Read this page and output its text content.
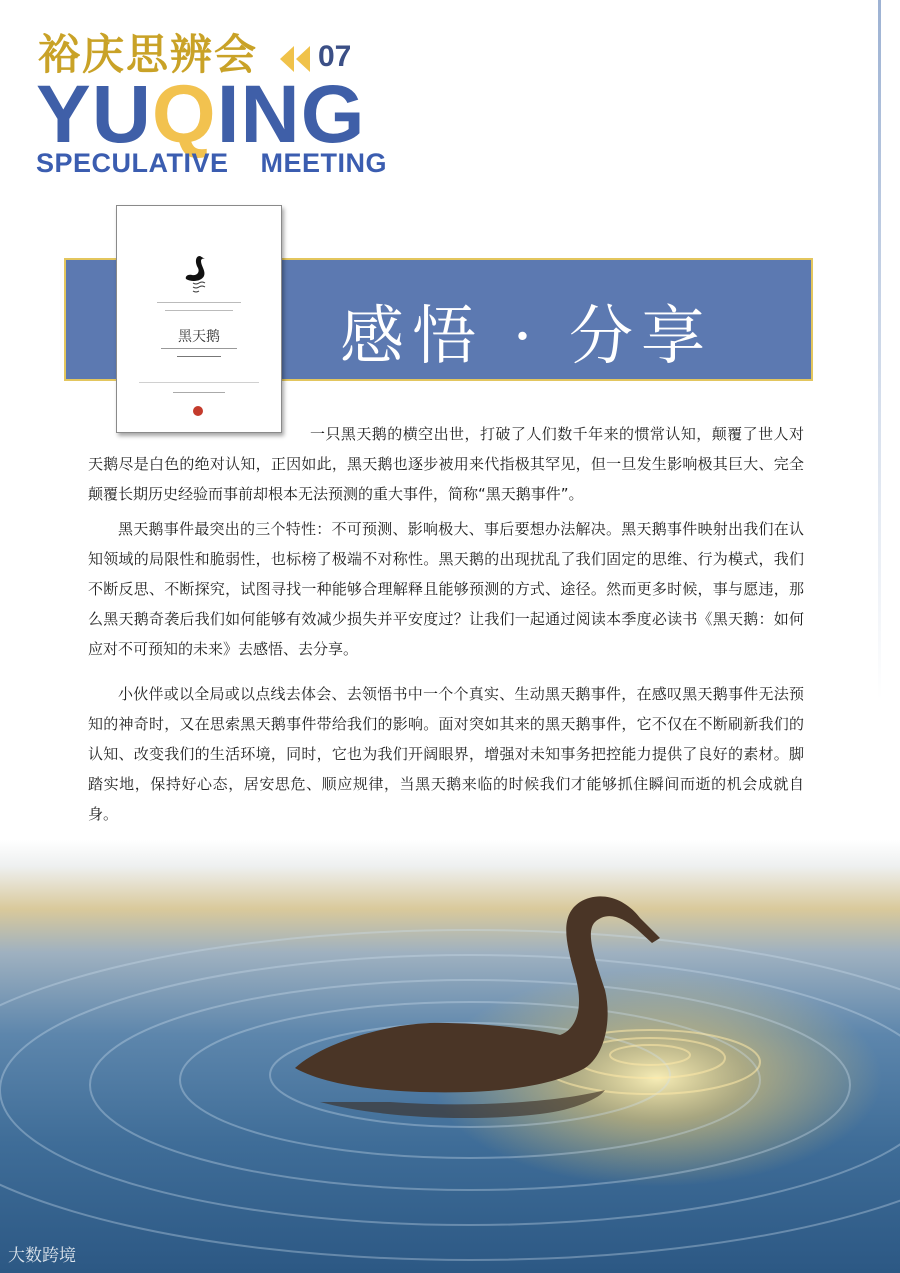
裕庆思辨会 07
YUQING
SPECULATIVE MEETING
感悟 · 分享
黑天鹅

一只黑天鹅的横空出世，打破了人们数千年来的惯常认知，颠覆了世人对天鹅尽是白色的绝对认知，正因如此，黑天鹅也逐步被用来代指极其罕见，但一旦发生影响极其巨大、完全颠覆长期历史经验而事前却根本无法预测的重大事件，简称“黑天鹅事件”。

黑天鹅事件最突出的三个特性：不可预测、影响极大、事后要想办法解决。黑天鹅事件映射出我们在认知领域的局限性和脆弱性，也标榜了极端不对称性。黑天鹅的出现扰乱了我们固定的思维、行为模式，我们不断反思、不断探究，试图寻找一种能够合理解释且能够预测的方式、途径。然而更多时候，事与愿违，那么黑天鹅奇袭后我们如何能够有效减少损失并平安度过？让我们一起通过阅读本季度必读书《黑天鹅：如何应对不可预知的未来》去感悟、去分享。

小伙伴或以全局或以点线去体会、去领悟书中一个个真实、生动黑天鹅事件，在感叹黑天鹅事件无法预知的神奇时，又在思索黑天鹅事件带给我们的影响。面对突如其来的黑天鹅事件，它不仅在不断刷新我们的认知、改变我们的生活环境，同时，它也为我们开阔眼界，增强对未知事务把控能力提供了良好的素材。脚踏实地，保持好心态，居安思危、顺应规律，当黑天鹅来临的时候我们才能够抓住瞬间而逝的机会成就自身。

大数跨境
